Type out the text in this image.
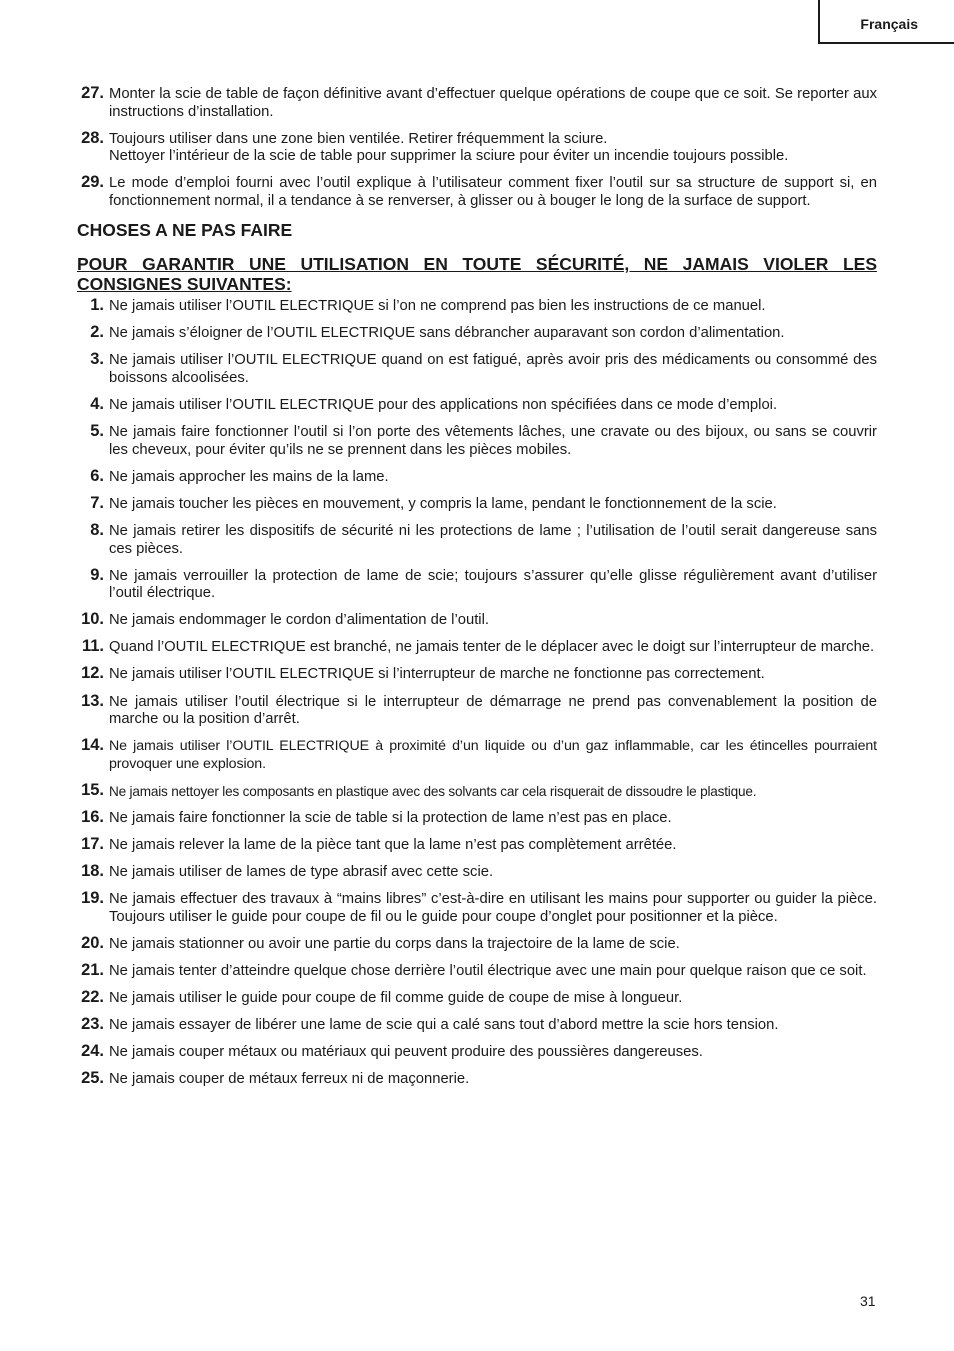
Français
27. Monter la scie de table de façon définitive avant d’effectuer quelque opérations de coupe que ce soit. Se reporter aux instructions d’installation.
28. Toujours utiliser dans une zone bien ventilée. Retirer fréquemment la sciure.
Nettoyer l’intérieur de la scie de table pour supprimer la sciure pour éviter un incendie toujours possible.
29. Le mode d’emploi fourni avec l’outil explique à l’utilisateur comment fixer l’outil sur sa structure de support si, en fonctionnement normal, il a tendance à se renverser, à glisser ou à bouger le long de la surface de support.
CHOSES A NE PAS FAIRE
POUR GARANTIR UNE UTILISATION EN TOUTE SÉCURITÉ, NE JAMAIS VIOLER LES CONSIGNES SUIVANTES:
1. Ne jamais utiliser l’OUTIL ELECTRIQUE si l’on ne comprend pas bien les instructions de ce manuel.
2. Ne jamais s’éloigner de l’OUTIL ELECTRIQUE sans débrancher auparavant son cordon d’alimentation.
3. Ne jamais utiliser l’OUTIL ELECTRIQUE quand on est fatigué, après avoir pris des médicaments ou consommé des boissons alcoolisées.
4. Ne jamais utiliser l’OUTIL ELECTRIQUE pour des applications non spécifiées dans ce mode d’emploi.
5. Ne jamais faire fonctionner l’outil si l’on porte des vêtements lâches, une cravate ou des bijoux, ou sans se couvrir les cheveux, pour éviter qu’ils ne se prennent dans les pièces mobiles.
6. Ne jamais approcher les mains de la lame.
7. Ne jamais toucher les pièces en mouvement, y compris la lame, pendant le fonctionnement de la scie.
8. Ne jamais retirer les dispositifs de sécurité ni les protections de lame ; l’utilisation de l’outil serait dangereuse sans ces pièces.
9. Ne jamais verrouiller la protection de lame de scie; toujours s’assurer qu’elle glisse régulièrement avant d’utiliser l’outil électrique.
10. Ne jamais endommager le cordon d’alimentation de l’outil.
11. Quand l’OUTIL ELECTRIQUE est branché, ne jamais tenter de le déplacer avec le doigt sur l’interrupteur de marche.
12. Ne jamais utiliser l’OUTIL ELECTRIQUE si l’interrupteur de marche ne fonctionne pas correctement.
13. Ne jamais utiliser l’outil électrique si le interrupteur de démarrage ne prend pas convenablement la position de marche ou la position d’arrêt.
14. Ne jamais utiliser l’OUTIL ELECTRIQUE à proximité d’un liquide ou d’un gaz inflammable, car les étincelles pourraient provoquer une explosion.
15. Ne jamais nettoyer les composants en plastique avec des solvants car cela risquerait de dissoudre le plastique.
16. Ne jamais faire fonctionner la scie de table si la protection de lame n’est pas en place.
17. Ne jamais relever la lame de la pièce tant que la lame n’est pas complètement arrêtée.
18. Ne jamais utiliser de lames de type abrasif avec cette scie.
19. Ne jamais effectuer des travaux à “mains libres” c’est-à-dire en utilisant les mains pour supporter ou guider la pièce. Toujours utiliser le guide pour coupe de fil ou le guide pour coupe d’onglet pour positionner et la pièce.
20. Ne jamais stationner ou avoir une partie du corps dans la trajectoire de la lame de scie.
21. Ne jamais tenter d’atteindre quelque chose derrière l’outil électrique avec une main pour quelque raison que ce soit.
22. Ne jamais utiliser le guide pour coupe de fil comme guide de coupe de mise à longueur.
23. Ne jamais essayer de libérer une lame de scie qui a calé sans tout d’abord mettre la scie hors tension.
24. Ne jamais couper métaux ou matériaux qui peuvent produire des poussières dangereuses.
25. Ne jamais couper de métaux ferreux ni de maçonnerie.
31
